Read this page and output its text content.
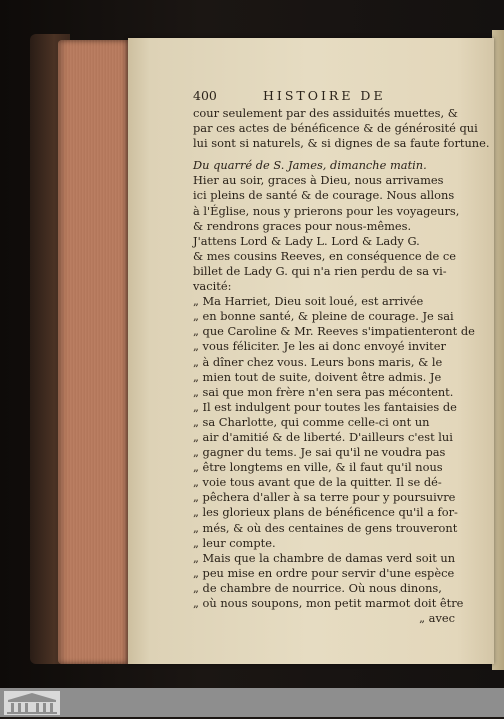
400	HISTOIRE DE
cour seulement par des assiduités muettes, &
par ces actes de bénéficence & de générosité qui
lui sont si naturels, & si dignes de sa faute fortune.
Du quarré de S. James, dimanche matin.
Hier au soir, graces à Dieu, nous arrivames
ici pleins de santé & de courage. Nous allons
à l'Église, nous y prierons pour les voyageurs,
& rendrons graces pour nous-mêmes.
J'attens Lord & Lady L. Lord & Lady G.
& mes cousins Reeves, en conséquence de ce
billet de Lady G. qui n'a rien perdu de sa vi-
vacité:
„ Ma Harriet, Dieu soit loué, est arrivée
„ en bonne santé, & pleine de courage. Je sai
„ que Caroline & Mr. Reeves s'impatienteront de
„ vous féliciter. Je les ai donc envoyé inviter
„ à dîner chez vous. Leurs bons maris, & le
„ mien tout de suite, doivent être admis. Je
„ sai que mon frère n'en sera pas mécontent.
„ Il est indulgent pour toutes les fantaisies de
„ sa Charlotte, qui comme celle-ci ont un
„ air d'amitié & de liberté. D'ailleurs c'est lui
„ gagner du tems. Je sai qu'il ne voudra pas
„ être longtems en ville, & il faut qu'il nous
„ voie tous avant que de la quitter. Il se dé-
„ pêchera d'aller à sa terre pour y poursuivre
„ les glorieux plans de bénéficence qu'il a for-
„ més, & où des centaines de gens trouveront
„ leur compte.
„ Mais que la chambre de damas verd soit un
„ peu mise en ordre pour servir d'une espèce
„ de chambre de nourrice. Où nous dinons,
„ où nous soupons, mon petit marmot doit être
„ avec
